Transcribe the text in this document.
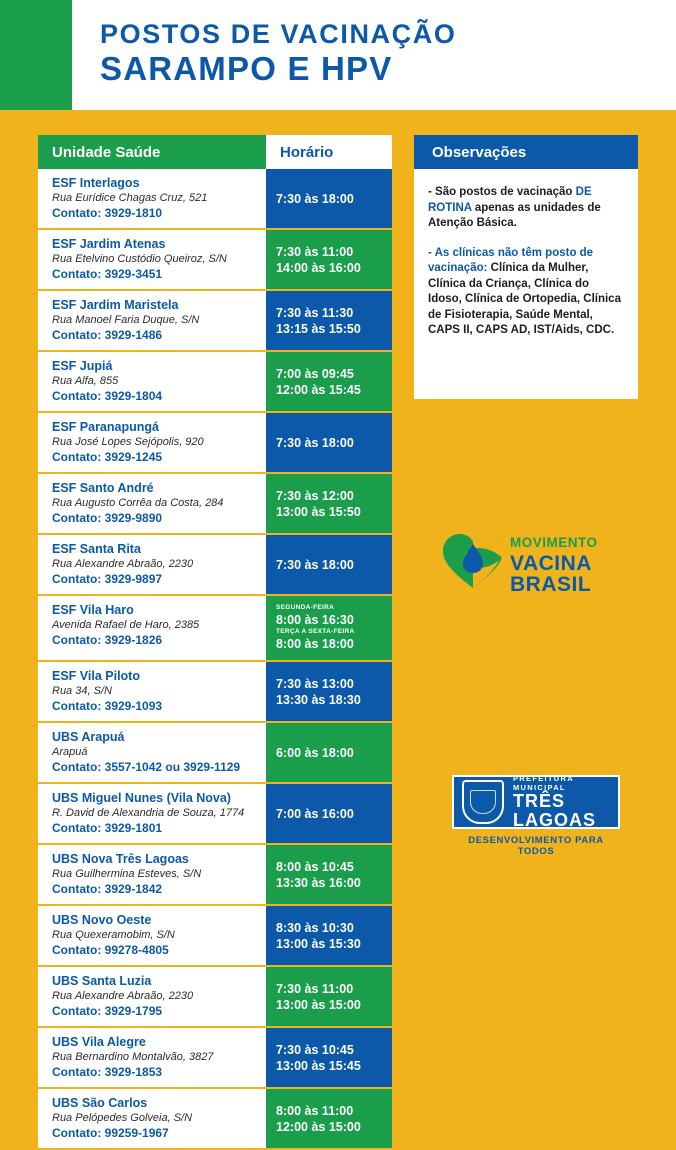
POSTOS DE VACINAÇÃO
SARAMPO E HPV
Unidade Saúde	Horário
ESF Interlagos
Rua Eurídice Chagas Cruz, 521
Contato: 3929-1810
7:30 às 18:00
ESF Jardim Atenas
Rua Etelvino Custódio Queiroz, S/N
Contato: 3929-3451
7:30 às 11:00
14:00 às 16:00
ESF Jardim Maristela
Rua Manoel Faria Duque, S/N
Contato: 3929-1486
7:30 às 11:30
13:15 às 15:50
ESF Jupiá
Rua Alfa, 855
Contato: 3929-1804
7:00 às 09:45
12:00 às 15:45
ESF Paranapungá
Rua José Lopes Sejópolis, 920
Contato: 3929-1245
7:30 às 18:00
ESF Santo André
Rua Augusto Corrêa da Costa, 284
Contato: 3929-9890
7:30 às 12:00
13:00 às 15:50
ESF Santa Rita
Rua Alexandre Abraão, 2230
Contato: 3929-9897
7:30 às 18:00
ESF Vila Haro
Avenida Rafael de Haro, 2385
Contato: 3929-1826
SEGUNDA-FEIRA
8:00 às 16:30
TERÇA A SEXTA-FEIRA
8:00 às 18:00
ESF Vila Piloto
Rua 34, S/N
Contato: 3929-1093
7:30 às 13:00
13:30 às 18:30
UBS Arapuá
Arapuá
Contato: 3557-1042 ou 3929-1129
6:00 às 18:00
UBS Miguel Nunes (Vila Nova)
R. David de Alexandria de Souza, 1774
Contato: 3929-1801
7:00 às 16:00
UBS Nova Três Lagoas
Rua Guilhermina Esteves, S/N
Contato: 3929-1842
8:00 às 10:45
13:30 às 16:00
UBS Novo Oeste
Rua Quexeramobim, S/N
Contato: 99278-4805
8:30 às 10:30
13:00 às 15:30
UBS Santa Luzia
Rua Alexandre Abraão, 2230
Contato: 3929-1795
7:30 às 11:00
13:00 às 15:00
UBS Vila Alegre
Rua Bernardino Montalvão, 3827
Contato: 3929-1853
7:30 às 10:45
13:00 às 15:45
UBS São Carlos
Rua Pelópedes Golveia, S/N
Contato: 99259-1967
8:00 às 11:00
12:00 às 15:00
Observações

- São postos de vacinação DE ROTINA apenas as unidades de Atenção Básica.

- As clínicas não têm posto de vacinação: Clínica da Mulher, Clínica da Criança, Clínica do Idoso, Clínica de Ortopedia, Clínica de Fisioterapia, Saúde Mental, CAPS II, CAPS AD, IST/Aids, CDC.

MOVIMENTO
VACINA
BRASIL
PREFEITURA MUNICIPAL
TRÊS
LAGOAS
DESENVOLVIMENTO PARA TODOS
